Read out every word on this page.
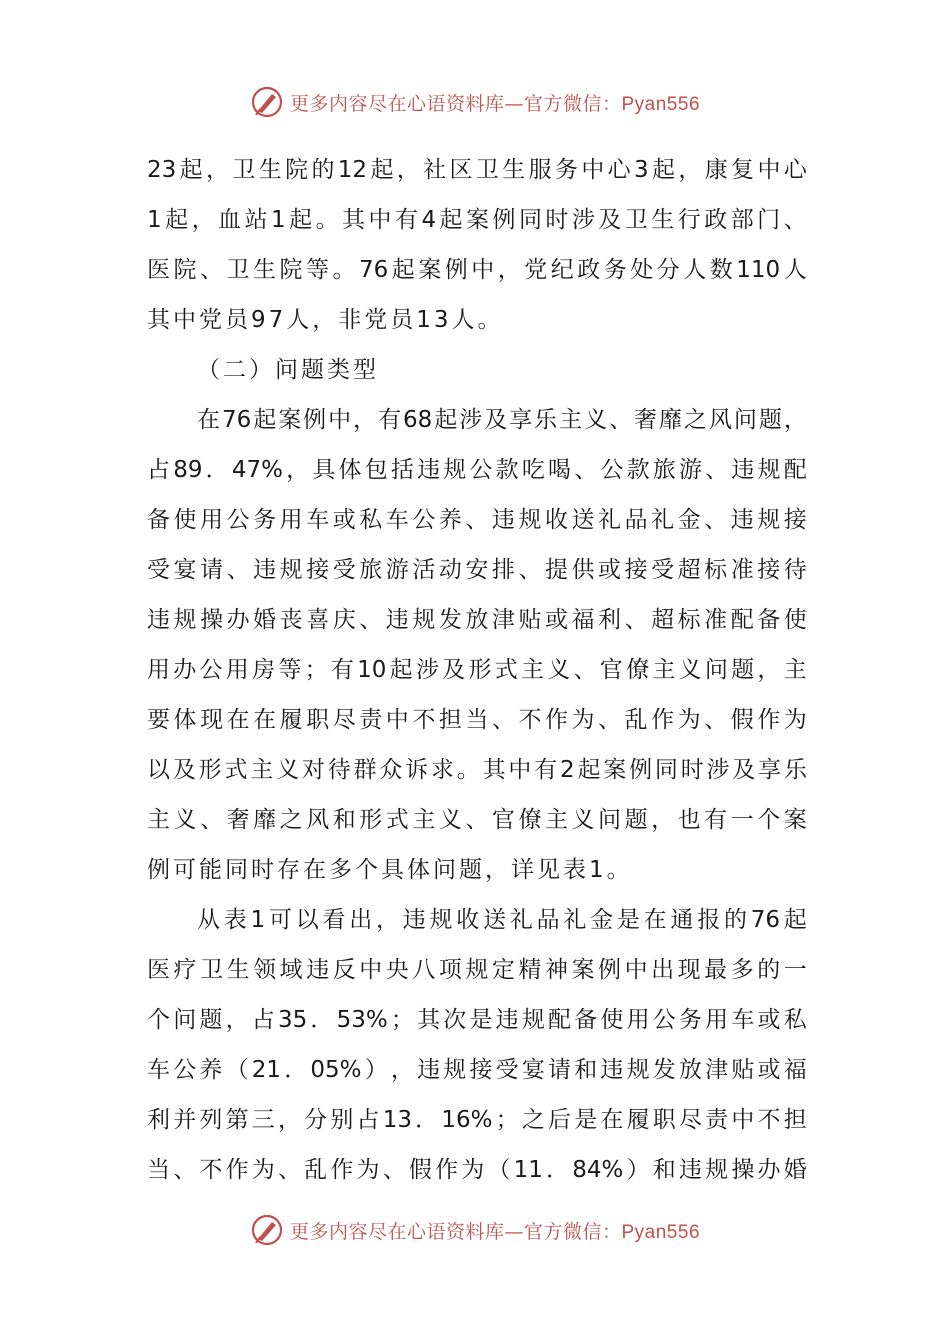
更多内容尽在心语资料库—官方微信：Pyan556
23 起 ， 卫 生 院 的 12 起 ， 社 区 卫 生 服 务 中 心 3 起 ， 康 复 中 心
1 起 ， 血 站 1 起 。 其 中 有 4 起 案 例 同 时 涉 及 卫 生 行 政 部 门 、
医 院 、 卫 生 院 等 。 76 起 案 例 中 ， 党 纪 政 务 处 分 人 数 110 人
其中党员97人，非党员13人。
（二）问题类型
在 76 起 案 例 中 ， 有 68 起 涉 及 享 乐 主 义 、 奢 靡 之 风 问 题 ，
占 89 ． 47% ， 具 体 包 括 违 规 公 款 吃 喝 、 公 款 旅 游 、 违 规 配
备 使 用 公 务 用 车 或 私 车 公 养 、 违 规 收 送 礼 品 礼 金 、 违 规 接
受 宴 请 、 违 规 接 受 旅 游 活 动 安 排 、 提 供 或 接 受 超 标 准 接 待
违 规 操 办 婚 丧 喜 庆 、 违 规 发 放 津 贴 或 福 利 、 超 标 准 配 备 使
用 办 公 用 房 等 ； 有 10 起 涉 及 形 式 主 义 、 官 僚 主 义 问 题 ， 主
要 体 现 在 在 履 职 尽 责 中 不 担 当 、 不 作 为 、 乱 作 为 、 假 作 为
以 及 形 式 主 义 对 待 群 众 诉 求 。 其 中 有 2 起 案 例 同 时 涉 及 享 乐
主 义 、 奢 靡 之 风 和 形 式 主 义 、 官 僚 主 义 问 题 ， 也 有 一 个 案
例可能同时存在多个具体问题，详见表1。
从 表 1 可 以 看 出 ， 违 规 收 送 礼 品 礼 金 是 在 通 报 的 76 起
医 疗 卫 生 领 域 违 反 中 央 八 项 规 定 精 神 案 例 中 出 现 最 多 的 一
个 问 题 ， 占 35 ． 53% ； 其 次 是 违 规 配 备 使 用 公 务 用 车 或 私
车 公 养 （ 21 ． 05% ） ， 违 规 接 受 宴 请 和 违 规 发 放 津 贴 或 福
利 并 列 第 三 ， 分 别 占 13 ． 16% ； 之 后 是 在 履 职 尽 责 中 不 担
当 、 不 作 为 、 乱 作 为 、 假 作 为 （ 11 ． 84% ） 和 违 规 操 办 婚
更多内容尽在心语资料库—官方微信：Pyan556
